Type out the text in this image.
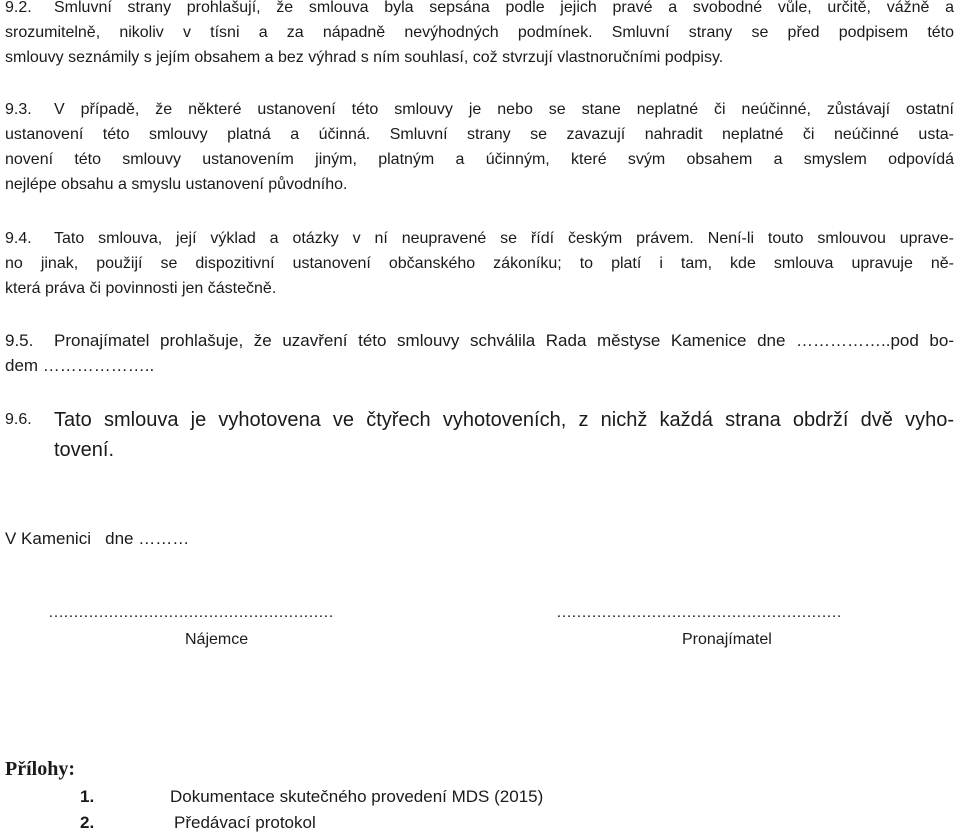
9.2.	Smluvní strany prohlašují, že smlouva byla sepsána podle jejich pravé a svobodné vůle, určitě, vážně a
srozumitelně, nikoliv v tísni a za nápadně nevýhodných podmínek. Smluvní strany se před podpisem této
smlouvy seznámily s jejím obsahem a bez výhrad s ním souhlasí, což stvrzují vlastnoručními podpisy.
9.3.	V případě, že některé ustanovení této smlouvy je nebo se stane neplatné či neúčinné, zůstávají ostatní
ustanovení této smlouvy platná a účinná. Smluvní strany se zavazují nahradit neplatné či neúčinné usta-
novení této smlouvy ustanovením jiným, platným a účinným, které svým obsahem a smyslem odpovídá
nejlépe obsahu a smyslu ustanovení původního.
9.4.	Tato smlouva, její výklad a otázky v ní neupravené se řídí českým právem. Není-li touto smlouvou uprave-
no jinak, použijí se dispozitivní ustanovení občanského zákoníku; to platí i tam, kde smlouva upravuje ně-
která práva či povinnosti jen částečně.
9.5.	Pronajímatel prohlašuje, že uzavření této smlouvy schválila Rada městyse Kamenice dne ……………..pod bo-
dem ………………..
9.6.	Tato smlouva je vyhotovena ve čtyřech vyhotoveních, z nichž každá strana obdrží dvě vyho-
tovení.
V Kamenici   dne ………
…………………………………………………
Nájemce
…………………………………………………
Pronajímatel
Přílohy:
1.	Dokumentace skutečného provedení MDS (2015)
2.	Předávací protokol
